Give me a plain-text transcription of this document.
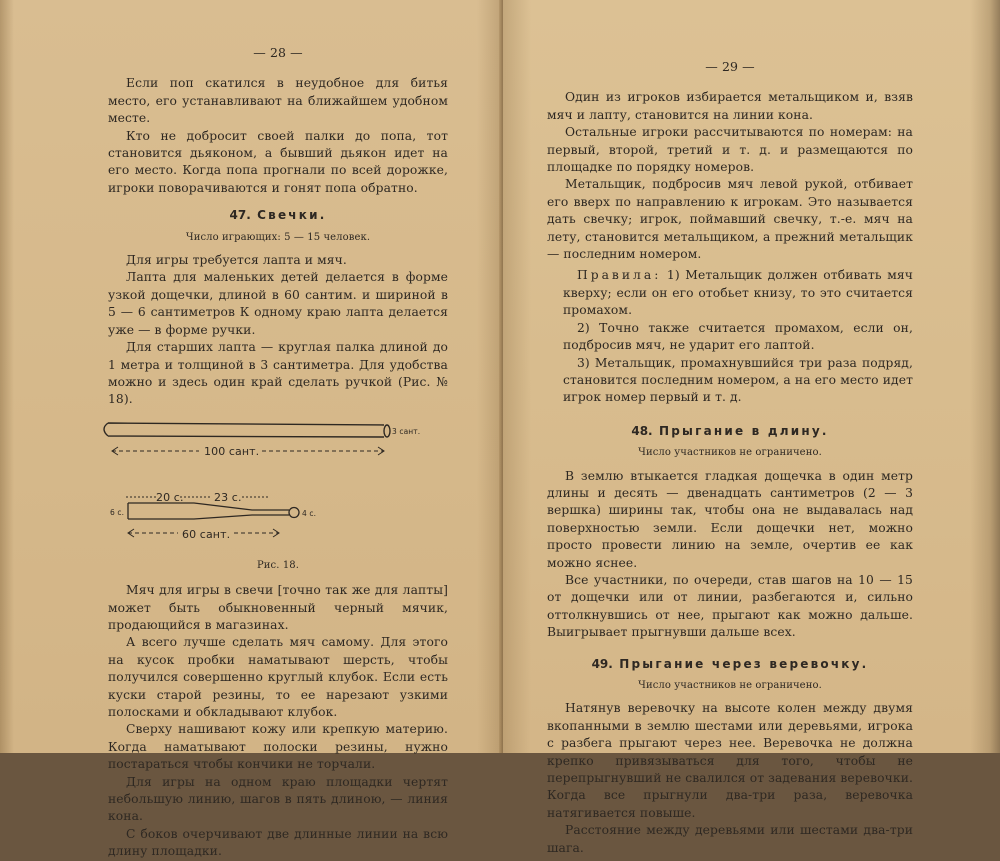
— 28 —

Если поп скатился в неудобное для битья место, его устанавливают на ближайшем удобном месте.

Кто не добросит своей палки до попа, тот становится дьяконом, а бывший дьякон идет на его место. Когда попа прогнали по всей дорожке, игроки поворачиваются и гонят попа обратно.

47. Свечки.
Число играющих: 5 — 15 человек.

Для игры требуется лапта и мяч.

Лапта для маленьких детей делается в форме узкой дощечки, длиной в 60 сантим. и шириной в 5 — 6 сантиметров К одному краю лапта делается уже — в форме ручки.

Для старших лапта — круглая палка длиной до 1 метра и толщиной в 3 сантиметра. Для удобства можно и здесь один край сделать ручкой (Рис. № 18).

3 сант.
100 сант.
20 с.	23 с.
6 с.	4 с.
60 сант.
Рис. 18.

Мяч для игры в свечи [точно так же для лапты] может быть обыкновенный черный мячик, продающийся в магазинах.

А всего лучше сделать мяч самому. Для этого на кусок пробки наматывают шерсть, чтобы получился совершенно круглый клубок. Если есть куски старой резины, то ее нарезают узкими полосками и обкладывают клубок.

Сверху нашивают кожу или крепкую материю. Когда наматывают полоски резины, нужно постараться чтобы кончики не торчали.

Для игры на одном краю площадки чертят небольшую линию, шагов в пять длиною, — линия кона.

С боков очерчивают две длинные линии на всю длину площадки.

— 29 —

Один из игроков избирается метальщиком и, взяв мяч и лапту, становится на линии кона.

Остальные игроки рассчитываются по номерам: на первый, второй, третий и т. д. и размещаются по площадке по порядку номеров.

Метальщик, подбросив мяч левой рукой, отбивает его вверх по направлению к игрокам. Это называется дать свечку; игрок, поймавший свечку, т.-е. мяч на лету, становится метальщиком, а прежний метальщик — последним номером.

Правила: 1) Метальщик должен отбивать мяч кверху; если он его отобьет книзу, то это считается промахом.

2) Точно также считается промахом, если он, подбросив мяч, не ударит его лаптой.

3) Метальщик, промахнувшийся три раза подряд, становится последним номером, а на его место идет игрок номер первый и т. д.

48. Прыгание в длину.
Число участников не ограничено.

В землю втыкается гладкая дощечка в один метр длины и десять — двенадцать сантиметров (2 — 3 вершка) ширины так, чтобы она не выдавалась над поверхностью земли. Если дощечки нет, можно просто провести линию на земле, очертив ее как можно яснее.

Все участники, по очереди, став шагов на 10 — 15 от дощечки или от линии, разбегаются и, сильно оттолкнувшись от нее, прыгают как можно дальше. Выигрывает прыгнувши дальше всех.

49. Прыгание через веревочку.
Число участников не ограничено.

Натянув веревочку на высоте колен между двумя вкопанными в землю шестами или деревьями, игрока с разбега прыгают через нее. Веревочка не должна крепко привязываться для того, чтобы не перепрыгнувший не свалился от задевания веревочки. Когда все прыгнули два-три раза, веревочка натягивается повыше.

Расстояние между деревьями или шестами два-три шага.
